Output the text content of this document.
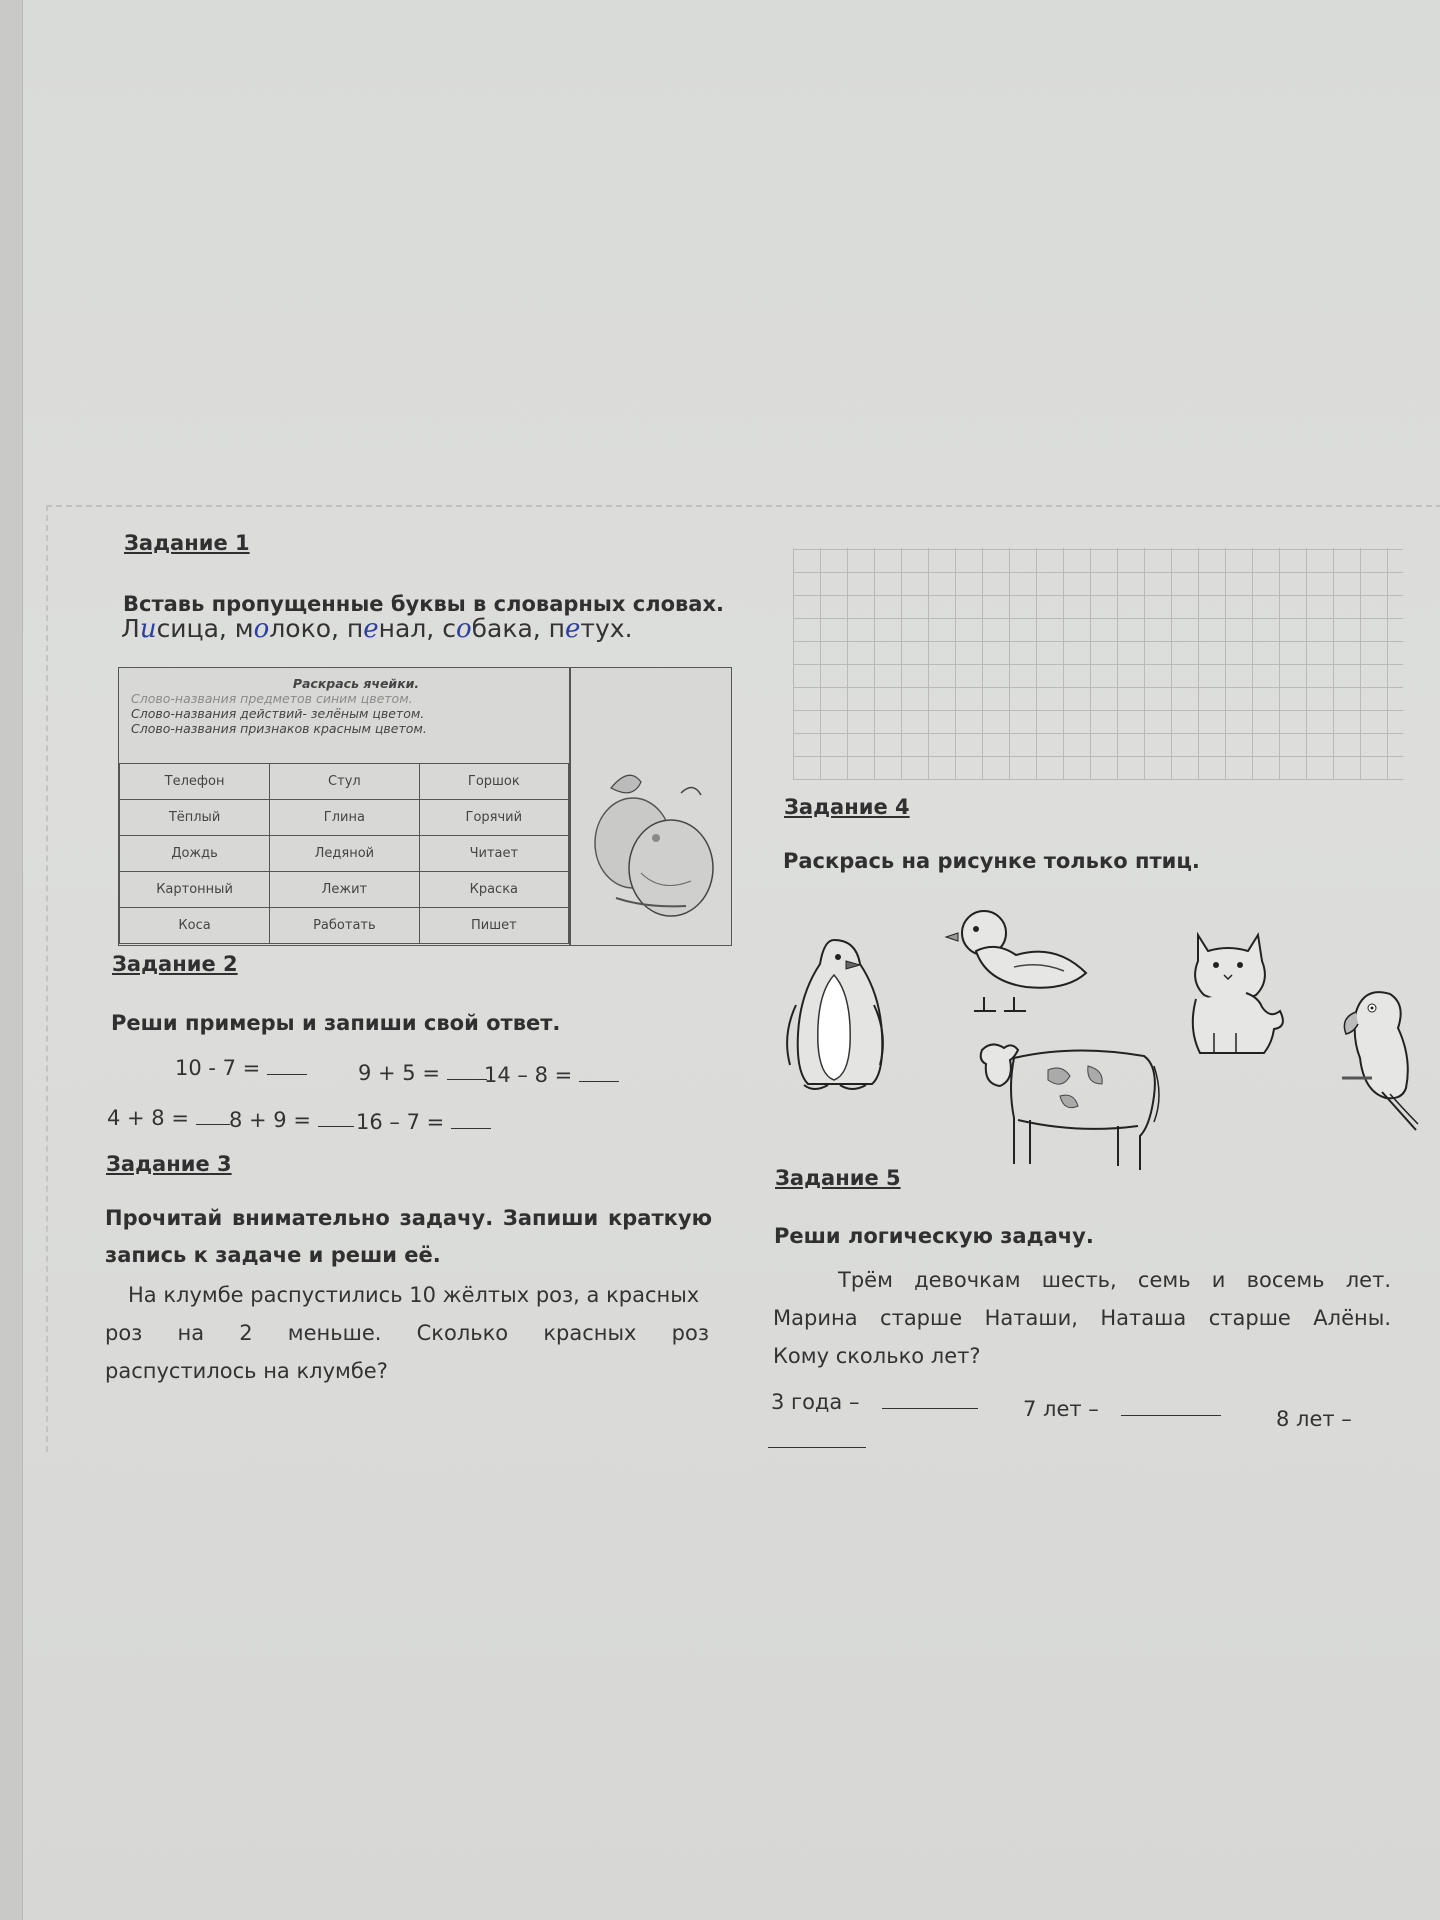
Задание 1
Вставь пропущенные буквы в словарных словах.
Лисица, молоко, пенал, собака, петух.
Раскрась ячейки.
Слово-названия предметов синим цветом.
Слово-названия действий- зелёным цветом.
Слово-названия признаков красным цветом.
Телефон	Стул	Горшок
Тёплый	Глина	Горячий
Дождь	Ледяной	Читает
Картонный	Лежит	Краска
Коса	Работать	Пишет
Задание 2
Реши примеры и запиши свой ответ.
10 - 7 =	9 + 5 =	14 – 8 =
4 + 8 =	8 + 9 =	16 – 7 =
Задание 3
Прочитай внимательно задачу. Запиши краткую
запись к задаче и реши её.
На клумбе распустились 10 жёлтых роз, а красных
роз на 2 меньше. Сколько красных роз
распустилось на клумбе?
Задание 4
Раскрась на рисунке только птиц.
Задание 5
Реши логическую задачу.
Трём девочкам шесть, семь и восемь лет.
Марина старше Наташи, Наташа старше Алёны.
Кому сколько лет?
3 года –	7 лет –	8 лет –
